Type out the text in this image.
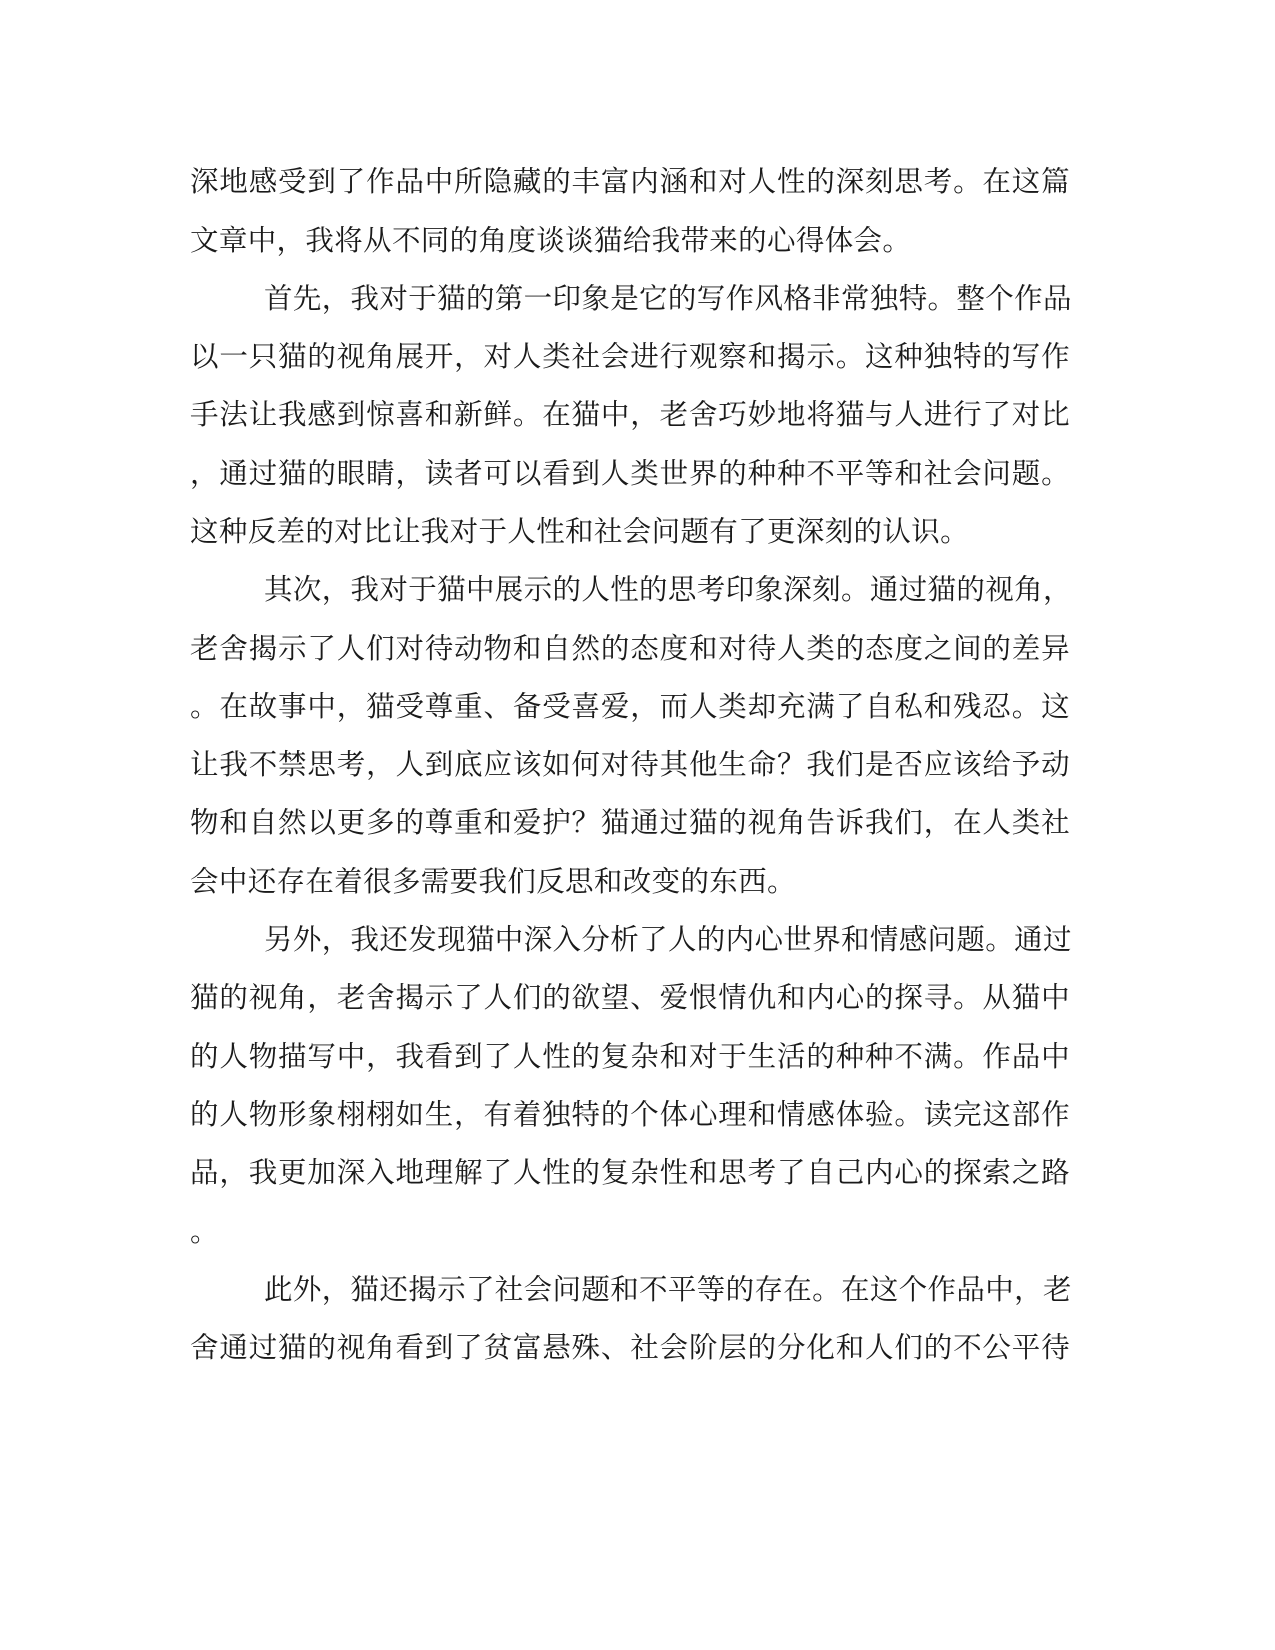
深地感受到了作品中所隐藏的丰富内涵和对人性的深刻思考。在这篇
文章中，我将从不同的角度谈谈猫给我带来的心得体会。
首先，我对于猫的第一印象是它的写作风格非常独特。整个作品
以一只猫的视角展开，对人类社会进行观察和揭示。这种独特的写作
手法让我感到惊喜和新鲜。在猫中，老舍巧妙地将猫与人进行了对比
，通过猫的眼睛，读者可以看到人类世界的种种不平等和社会问题。
这种反差的对比让我对于人性和社会问题有了更深刻的认识。
其次，我对于猫中展示的人性的思考印象深刻。通过猫的视角，
老舍揭示了人们对待动物和自然的态度和对待人类的态度之间的差异
。在故事中，猫受尊重、备受喜爱，而人类却充满了自私和残忍。这
让我不禁思考，人到底应该如何对待其他生命？我们是否应该给予动
物和自然以更多的尊重和爱护？猫通过猫的视角告诉我们，在人类社
会中还存在着很多需要我们反思和改变的东西。
另外，我还发现猫中深入分析了人的内心世界和情感问题。通过
猫的视角，老舍揭示了人们的欲望、爱恨情仇和内心的探寻。从猫中
的人物描写中，我看到了人性的复杂和对于生活的种种不满。作品中
的人物形象栩栩如生，有着独特的个体心理和情感体验。读完这部作
品，我更加深入地理解了人性的复杂性和思考了自己内心的探索之路
。
此外，猫还揭示了社会问题和不平等的存在。在这个作品中，老
舍通过猫的视角看到了贫富悬殊、社会阶层的分化和人们的不公平待
